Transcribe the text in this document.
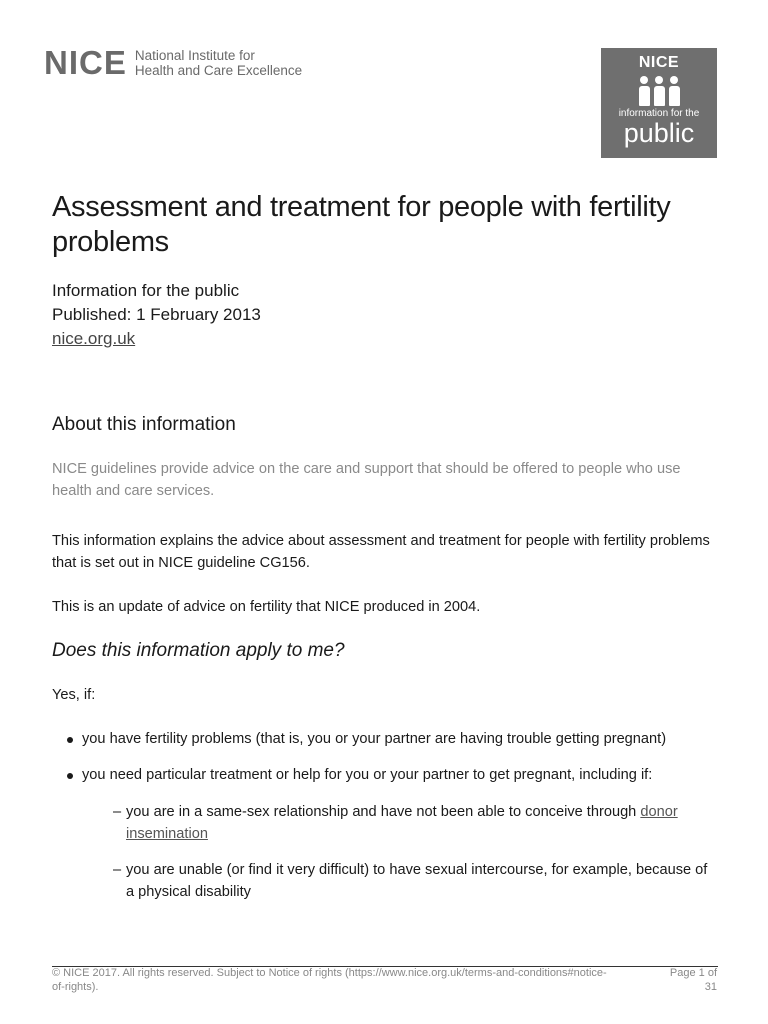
NICE National Institute for
Health and Care Excellence	NICE
information for the
public
Assessment and treatment for people with fertility problems
Information for the public
Published: 1 February 2013
nice.org.uk
About this information

NICE guidelines provide advice on the care and support that should be offered to people who use health and care services.

This information explains the advice about assessment and treatment for people with fertility problems that is set out in NICE guideline CG156.

This is an update of advice on fertility that NICE produced in 2004.

Does this information apply to me?

Yes, if:

you have fertility problems (that is, you or your partner are having trouble getting pregnant)
you need particular treatment or help for you or your partner to get pregnant, including if:
– you are in a same-sex relationship and have not been able to conceive through donor insemination
– you are unable (or find it very difficult) to have sexual intercourse, for example, because of a physical disability
© NICE 2017. All rights reserved. Subject to Notice of rights (https://www.nice.org.uk/terms-and-conditions#notice-of-rights).
Page 1 of 31
